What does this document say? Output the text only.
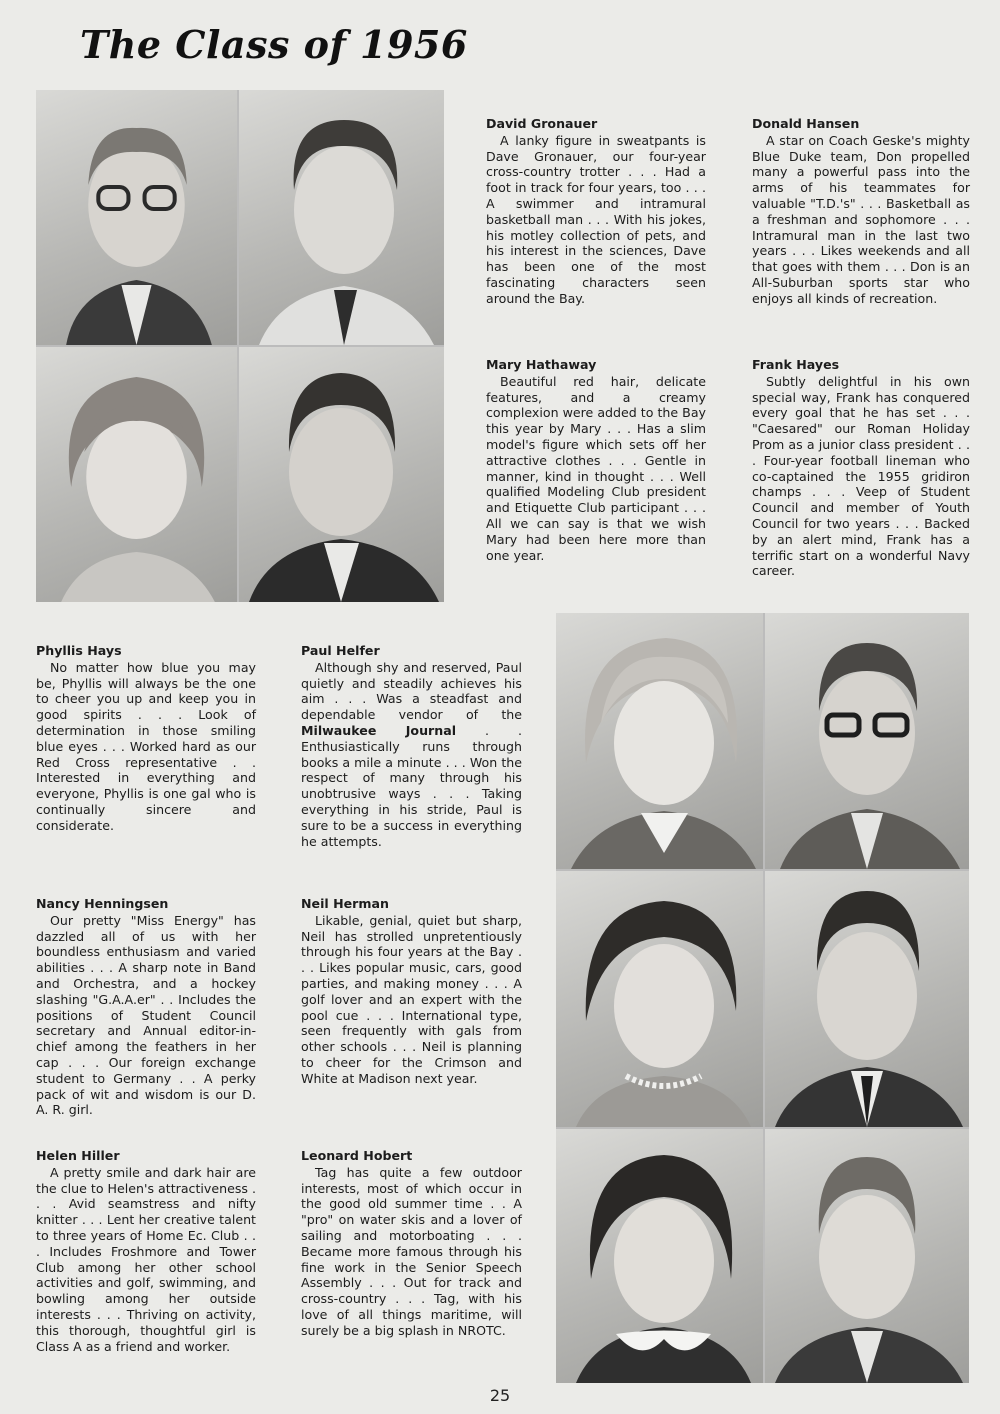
The Class of 1956
David Gronauer
A lanky figure in sweatpants is Dave Gronauer, our four-year cross-country trotter . . . Had a foot in track for four years, too . . . A swimmer and intramural basketball man . . . With his jokes, his motley collection of pets, and his interest in the sciences, Dave has been one of the most fascinating characters seen around the Bay.
Donald Hansen
A star on Coach Geske's mighty Blue Duke team, Don propelled many a powerful pass into the arms of his teammates for valuable "T.D.'s" . . . Basketball as a freshman and sophomore . . . Intramural man in the last two years . . . Likes weekends and all that goes with them . . . Don is an All-Suburban sports star who enjoys all kinds of recreation.
Mary Hathaway
Beautiful red hair, delicate features, and a creamy complexion were added to the Bay this year by Mary . . . Has a slim model's figure which sets off her attractive clothes . . . Gentle in manner, kind in thought . . . Well qualified Modeling Club president and Etiquette Club participant . . . All we can say is that we wish Mary had been here more than one year.
Frank Hayes
Subtly delightful in his own special way, Frank has conquered every goal that he has set . . . "Caesared" our Roman Holiday Prom as a junior class president . . . Four-year football lineman who co-captained the 1955 gridiron champs . . . Veep of Student Council and member of Youth Council for two years . . . Backed by an alert mind, Frank has a terrific start on a wonderful Navy career.
Phyllis Hays
No matter how blue you may be, Phyllis will always be the one to cheer you up and keep you in good spirits . . . Look of determination in those smiling blue eyes . . . Worked hard as our Red Cross representative . . Interested in everything and everyone, Phyllis is one gal who is continually sincere and considerate.
Paul Helfer
Although shy and reserved, Paul quietly and steadily achieves his aim . . . Was a steadfast and dependable vendor of the Milwaukee Journal . . Enthusiastically runs through books a mile a minute . . . Won the respect of many through his unobtrusive ways . . . Taking everything in his stride, Paul is sure to be a success in everything he attempts.
Nancy Henningsen
Our pretty "Miss Energy" has dazzled all of us with her boundless enthusiasm and varied abilities . . . A sharp note in Band and Orchestra, and a hockey slashing "G.A.A.er" . . Includes the positions of Student Council secretary and Annual editor-in-chief among the feathers in her cap . . . Our foreign exchange student to Germany . . A perky pack of wit and wisdom is our D. A. R. girl.
Neil Herman
Likable, genial, quiet but sharp, Neil has strolled unpretentiously through his four years at the Bay . . . Likes popular music, cars, good parties, and making money . . . A golf lover and an expert with the pool cue . . . International type, seen frequently with gals from other schools . . . Neil is planning to cheer for the Crimson and White at Madison next year.
Helen Hiller
A pretty smile and dark hair are the clue to Helen's attractiveness . . . Avid seamstress and nifty knitter . . . Lent her creative talent to three years of Home Ec. Club . . . Includes Froshmore and Tower Club among her other school activities and golf, swimming, and bowling among her outside interests . . . Thriving on activity, this thorough, thoughtful girl is Class A as a friend and worker.
Leonard Hobert
Tag has quite a few outdoor interests, most of which occur in the good old summer time . . A "pro" on water skis and a lover of sailing and motorboating . . . Became more famous through his fine work in the Senior Speech Assembly . . . Out for track and cross-country . . . Tag, with his love of all things maritime, will surely be a big splash in NROTC.
25
